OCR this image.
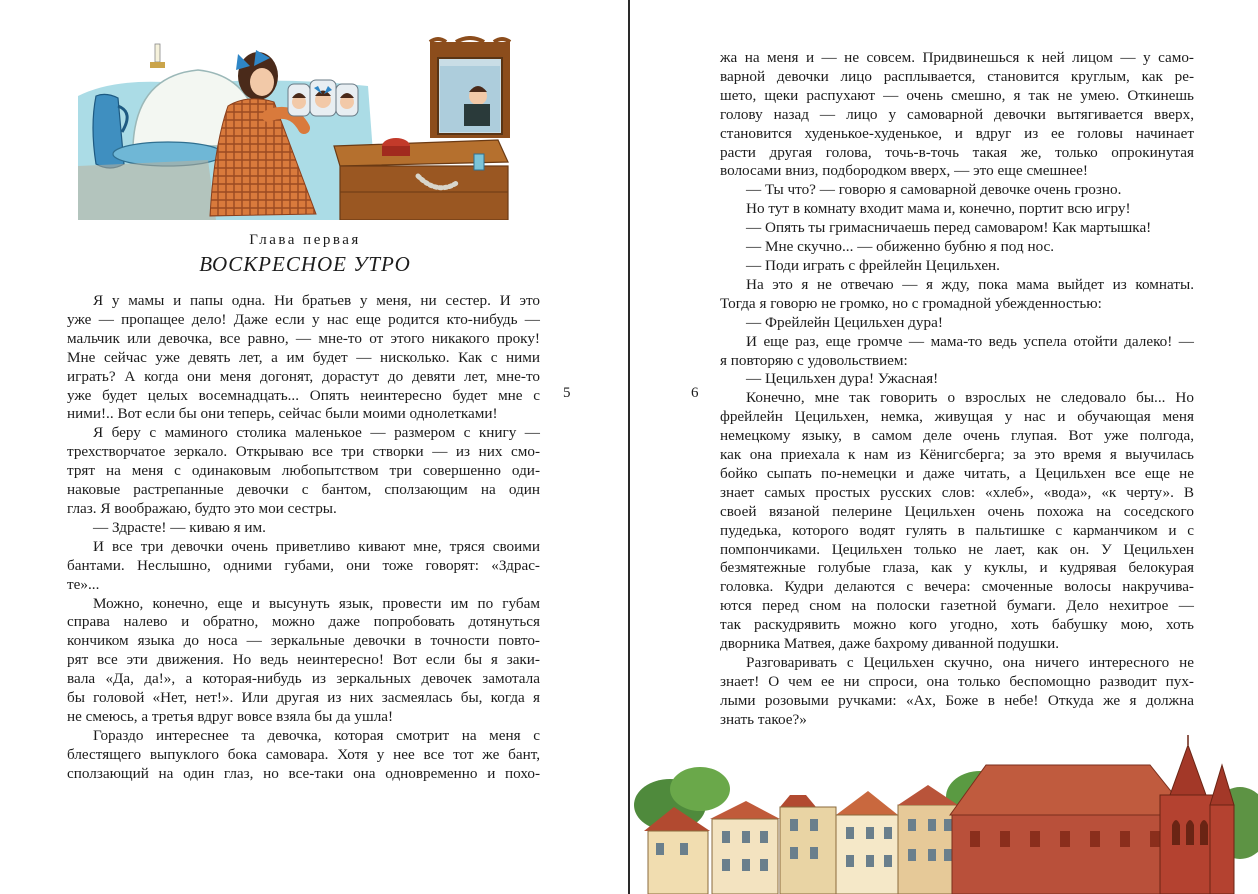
Глава первая

ВОСКРЕСНОЕ УТРО

Я у мамы и папы одна. Ни братьев у меня, ни сестер. И это
уже — пропащее дело! Даже если у нас еще родится кто-нибудь —
мальчик или девочка, все равно, — мне-то от этого никакого проку!
Мне сейчас уже девять лет, а им будет — нисколько. Как с ними
играть? А когда они меня догонят, дорастут до девяти лет, мне-то
уже будет целых восемнадцать... Опять неинтересно будет мне с
ними!.. Вот если бы они теперь, сейчас были моими однолетками!

Я беру с маминого столика маленькое — размером с книгу —
трехстворчатое зеркало. Открываю все три створки — из них смо-
трят на меня с одинаковым любопытством три совершенно оди-
наковые растрепанные девочки с бантом, сползающим на один
глаз. Я воображаю, будто это мои сестры.

— Здрасте! — киваю я им.

И все три девочки очень приветливо кивают мне, тряся своими
бантами. Неслышно, одними губами, они тоже говорят: «Здрас-
те»...

Можно, конечно, еще и высунуть язык, провести им по губам
справа налево и обратно, можно даже попробовать дотянуться
кончиком языка до носа — зеркальные девочки в точности повто-
рят все эти движения. Но ведь неинтересно! Вот если бы я зaки-
вала «Да, да!», а которая-нибудь из зеркальных девочек замотала
бы головой «Нет, нет!». Или другая из них засмеялась бы, когда я
не смеюсь, а третья вдруг вовсе взяла бы да ушла!

Гораздо интереснее та девочка, которая смотрит на меня с
блестящего выпуклого бока самовара. Хотя у нее все тот же бант,
сползающий на один глаз, но все-таки она одновременно и похо-

5

жа на меня и — не совсем. Придвинешься к ней лицом — у само-
варной девочки лицо расплывается, становится круглым, как ре-
шето, щеки распухают — очень смешно, я так не умею. Откинешь
голову назад — лицо у самоварной девочки вытягивается вверх,
становится худенькое-худенькое, и вдруг из ее головы начинает
расти другая голова, точь-в-точь такая же, только опрокинутая
волосами вниз, подбородком вверх, — это еще смешнее!

— Ты что? — говорю я самоварной девочке очень грозно.

Но тут в комнату входит мама и, конечно, портит всю игру!

— Опять ты гримасничаешь перед самоваром! Как мартышка!

— Мне скучно... — обиженно бубню я под нос.

— Поди играть с фрейлейн Цецильхен.

На это я не отвечаю — я жду, пока мама выйдет из комнаты.
Тогда я говорю не громко, но с громадной убежденностью:

— Фрейлейн Цецильхен дура!

И еще раз, еще громче — мама-то ведь успела отойти далеко! —
я повторяю с удовольствием:

— Цецильхен дура! Ужасная!

Конечно, мне так говорить о взрослых не следовало бы... Но
фрейлейн Цецильхен, немка, живущая у нас и обучающая меня
немецкому языку, в самом деле очень глупая. Вот уже полгода,
как она приехала к нам из Кёнигсберга; за это время я выучилась
бойко сыпать по-немецки и даже читать, а Цецильхен все еще не
знает самых простых русских слов: «хлеб», «вода», «к черту». В
своей вязаной пелерине Цецильхен очень похожа на соседского
пудедька, которого водят гулять в пальтишке с карманчиком и с
помпончиками. Цецильхен только не лает, как он. У Цецильхен
безмятежные голубые глаза, как у куклы, и кудрявая белокурая
головка. Кудри делаются с вечера: смоченные волосы накручива-
ются перед сном на полоски газетной бумаги. Дело нехитрое —
так раскудрявить можно кого угодно, хоть бабушку мою, хоть
дворника Матвея, даже бахрому диванной подушки.

Разговаривать с Цецильхен скучно, она ничего интересного не
знает! О чем ее ни спроси, она только беспомощно разводит пух-
лыми розовыми ручками: «Ах, Боже в небе! Откуда же я должна
знать такое?»

6
